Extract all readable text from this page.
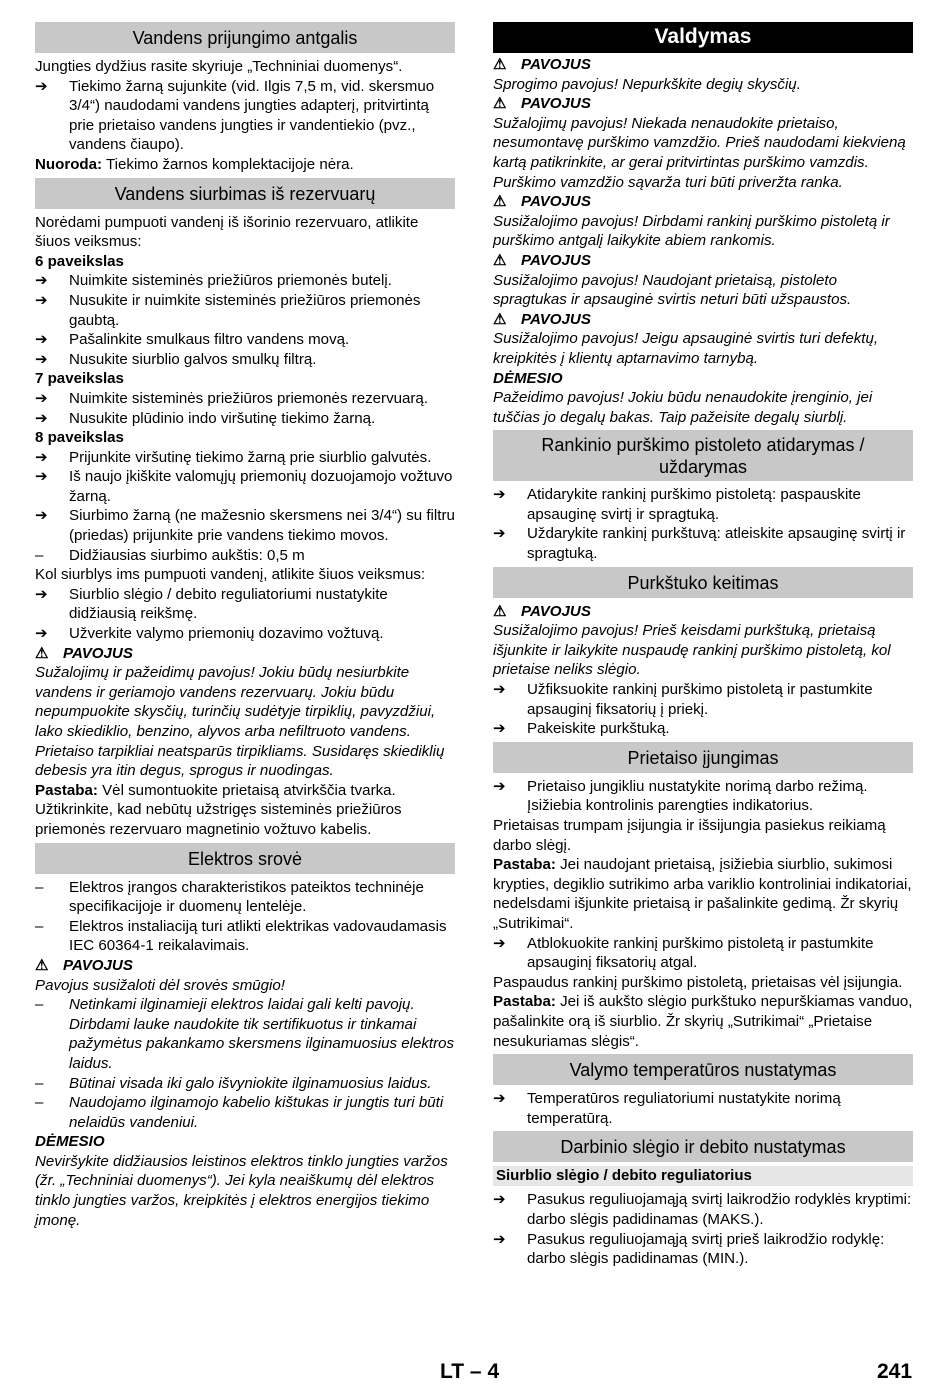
Vandens prijungimo antgalis

Jungties dydžius rasite skyriuje „Techniniai duomenys“.

➔	Tiekimo žarną sujunkite (vid. Ilgis 7,5 m, vid. skersmuo 3/4“) naudodami vandens jungties adapterį, pritvirtintą prie prietaiso vandens jungties ir vandentiekio (pvz., vandens čiaupo).

Nuoroda: Tiekimo žarnos komplektacijoje nėra.

Vandens siurbimas iš rezervuarų

Norėdami pumpuoti vandenį iš išorinio rezervuaro, atlikite šiuos veiksmus:

6 paveikslas

➔	Nuimkite sisteminės priežiūros priemonės butelį.
➔	Nusukite ir nuimkite sisteminės priežiūros priemonės gaubtą.
➔	Pašalinkite smulkaus filtro vandens movą.
➔	Nusukite siurblio galvos smulkų filtrą.

7 paveikslas

➔	Nuimkite sisteminės priežiūros priemonės rezervuarą.
➔	Nusukite plūdinio indo viršutinę tiekimo žarną.

8 paveikslas

➔	Prijunkite viršutinę tiekimo žarną prie siurblio galvutės.
➔	Iš naujo įkiškite valomųjų priemonių dozuojamojo vožtuvo žarną.
➔	Siurbimo žarną (ne mažesnio skersmens nei 3/4“) su filtru (priedas) prijunkite prie vandens tiekimo movos.
–	Didžiausias siurbimo aukštis: 0,5 m

Kol siurblys ims pumpuoti vandenį, atlikite šiuos veiksmus:

➔	Siurblio slėgio / debito reguliatoriumi nustatykite didžiausią reikšmę.
➔	Užverkite valymo priemonių dozavimo vožtuvą.

⚠ PAVOJUS

Sužalojimų ir pažeidimų pavojus! Jokiu būdų nesiurbkite vandens ir geriamojo vandens rezervuarų. Jokiu būdu nepumpuokite skysčių, turinčių sudėtyje tirpiklių, pavyzdžiui, lako skiediklio, benzino, alyvos arba nefiltruoto vandens. Prietaiso tarpikliai neatsparūs tirpikliams. Susidaręs skiediklių debesis yra itin degus, sprogus ir nuodingas.

Pastaba: Vėl sumontuokite prietaisą atvirkščia tvarka. Užtikrinkite, kad nebūtų užstrigęs sisteminės priežiūros priemonės rezervuaro magnetinio vožtuvo kabelis.

Elektros srovė
–	Elektros įrangos charakteristikos pateiktos techninėje specifikacijoje ir duomenų lentelėje.
–	Elektros instaliaciją turi atlikti elektrikas vadovaudamasis IEC 60364-1 reikalavimais.

⚠ PAVOJUS

Pavojus susižaloti dėl srovės smūgio!

–	Netinkami ilginamieji elektros laidai gali kelti pavojų. Dirbdami lauke naudokite tik sertifikuotus ir tinkamai pažymėtus pakankamo skersmens ilginamuosius elektros laidus.
–	Būtinai visada iki galo išvyniokite ilginamuosius laidus.
–	Naudojamo ilginamojo kabelio kištukas ir jungtis turi būti nelaidūs vandeniui.

DĖMESIO

Neviršykite didžiausios leistinos elektros tinklo jungties varžos (žr. „Techniniai duomenys“). Jei kyla neaiškumų dėl elektros tinklo jungties varžos, kreipkitės į elektros energijos tiekimo įmonę.

Valdymas

⚠ PAVOJUS

Sprogimo pavojus! Nepurkškite degių skysčių.

⚠ PAVOJUS

Sužalojimų pavojus! Niekada nenaudokite prietaiso, nesumontavę purškimo vamzdžio. Prieš naudodami kiekvieną kartą patikrinkite, ar gerai pritvirtintas purškimo vamzdis. Purškimo vamzdžio sąvarža turi būti priveržta ranka.

⚠ PAVOJUS

Susižalojimo pavojus! Dirbdami rankinį purškimo pistoletą ir purškimo antgalį laikykite abiem rankomis.

⚠ PAVOJUS

Susižalojimo pavojus! Naudojant prietaisą, pistoleto spragtukas ir apsauginė svirtis neturi būti užspaustos.

⚠ PAVOJUS

Susižalojimo pavojus! Jeigu apsauginė svirtis turi defektų, kreipkitės į klientų aptarnavimo tarnybą.

DĖMESIO

Pažeidimo pavojus! Jokiu būdu nenaudokite įrenginio, jei tuščias jo degalų bakas. Taip pažeisite degalų siurblį.

Rankinio purškimo pistoleto atidarymas / uždarymas
➔	Atidarykite rankinį purškimo pistoletą: paspauskite apsauginę svirtį ir spragtuką.
➔	Uždarykite rankinį purkštuvą: atleiskite apsauginę svirtį ir spragtuką.
Purkštuko keitimas

⚠ PAVOJUS

Susižalojimo pavojus! Prieš keisdami purkštuką, prietaisą išjunkite ir laikykite nuspaudę rankinį purškimo pistoletą, kol prietaise neliks slėgio.

➔	Užfiksuokite rankinį purškimo pistoletą ir pastumkite apsauginį fiksatorių į priekį.
➔	Pakeiskite purkštuką.
Prietaiso įjungimas
➔	Prietaiso jungikliu nustatykite norimą darbo režimą. Įsižiebia kontrolinis parengties indikatorius.

Prietaisas trumpam įsijungia ir išsijungia pasiekus reikiamą darbo slėgį.

Pastaba: Jei naudojant prietaisą, įsižiebia siurblio, sukimosi krypties, degiklio sutrikimo arba variklio kontroliniai indikatoriai, nedelsdami išjunkite prietaisą ir pašalinkite gedimą. Žr skyrių „Sutrikimai“.

➔	Atblokuokite rankinį purškimo pistoletą ir pastumkite apsauginį fiksatorių atgal.

Paspaudus rankinį purškimo pistoletą, prietaisas vėl įsijungia.

Pastaba: Jei iš aukšto slėgio purkštuko nepurškiamas vanduo, pašalinkite orą iš siurblio. Žr skyrių „Sutrikimai“ „Prietaise nesukuriamas slėgis“.

Valymo temperatūros nustatymas
➔	Temperatūros reguliatoriumi nustatykite norimą temperatūrą.
Darbinio slėgio ir debito nustatymas
Siurblio slėgio / debito reguliatorius
➔	Pasukus reguliuojamąją svirtį laikrodžio rodyklės kryptimi: darbo slėgis padidinamas (MAKS.).
➔	Pasukus reguliuojamąją svirtį prieš laikrodžio rodyklę: darbo slėgis padidinamas (MIN.).
LT – 4	241
